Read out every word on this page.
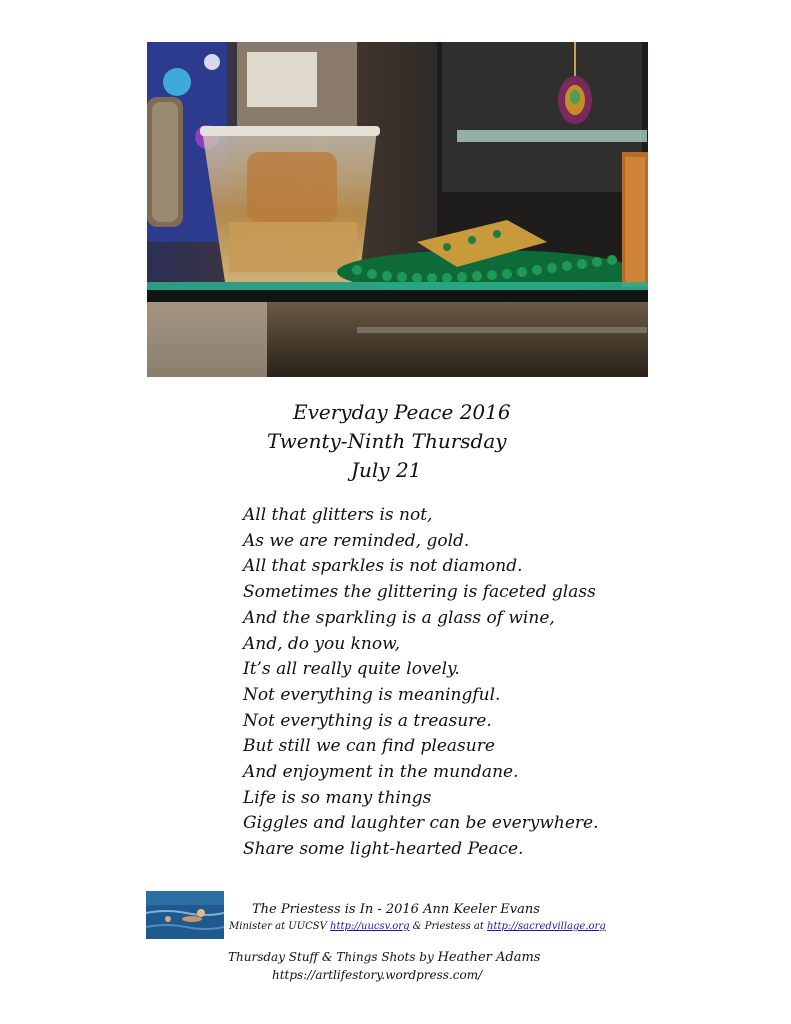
Everyday Peace 2016
Twenty-Ninth Thursday
July 21
All that glitters is not,
As we are reminded, gold.
All that sparkles is not diamond.
Sometimes the glittering is faceted glass
And the sparkling is a glass of wine,
And, do you know,
It’s all really quite lovely.
Not everything is meaningful.
Not everything is a treasure.
But still we can find pleasure
And enjoyment in the mundane.
Life is so many things
Giggles and laughter can be everywhere.
Share some light-hearted Peace.
The Priestess is In - 2016 Ann Keeler Evans
Minister at UUCSV http://uucsv.org & Priestess at http://sacredvillage.org
Thursday Stuff & Things Shots by Heather Adams
https://artlifestory.wordpress.com/
